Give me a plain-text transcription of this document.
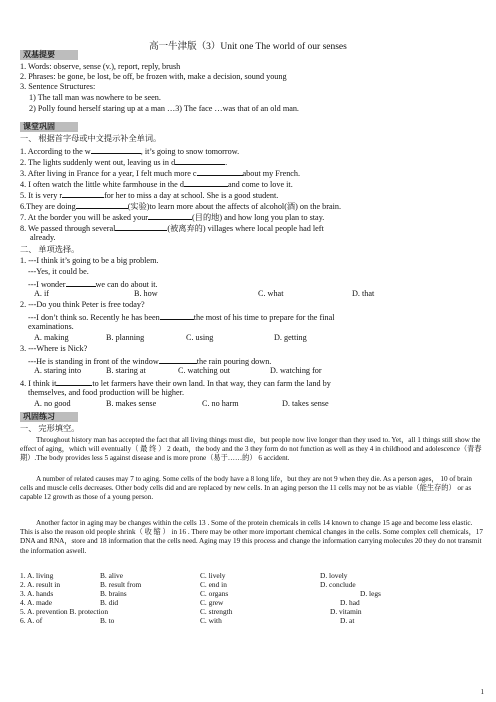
高一牛津版（3）Unit one The world of our senses
双基提要
1. Words: observe, sense (v.), report, reply, brush
2. Phrases: be gone, be lost, be off, be frozen with, make a decision, sound young
3. Sentence Structures:
1) The tall man was nowhere to be seen.
2) Polly found herself staring up at a man …3) The face …was that of an old man.
课堂巩固
一、 根据首字母或中文提示补全单词。
1. According to the w	, it’s going to snow tomorrow.
2. The lights suddenly went out, leaving us in d	.
3. After living in France for a year, I felt much more c	about my French.
4. I often watch the little white farmhouse in the d	and come to love it.
5. It is very r	for her to miss a day at school. She is a good student.
6.They are doing	(实验)to learn more about the affects of alcohol(酒) on the brain.
7. At the border you will be asked your	(目的地) and how long you plan to stay.
8. We passed through several	(被离弃的) villages where local people had left
already.
二、 单项选择。
1. ---I think it’s going to be a big problem.
---Yes, it could be.
---I wonder	we can do about it.
A. if	B. how	C. what	D. that
2. ---Do you think Peter is free today?
---I don’t think so. Recently he has been	the most of his time to prepare for the final
examinations.
A. making	B. planning	C. using	D. getting
3. ---Where is Nick?
---He is standing in front of the window	the rain pouring down.
A. staring into	B. staring at	C. watching out	D. watching for
4. I think it	to let farmers have their own land. In that way, they can farm the land by
themselves, and food production will be higher.
A. no good	B. makes sense	C. no harm	D. takes sense
巩固练习
一、 完形填空。
Throughout history man has accepted the fact that all living things must die，but people now live longer than they used to. Yet，all 1 things still show the effect of aging，which will eventually（ 最 终 ） 2 death，the body and the 3 they form do not function as well as they 4 in childhood and adolescence（青春期）.The body provides less 5 against disease and is more prone（易于……的） 6 accident.
A number of related causes may 7 to aging. Some cells of the body have a 8 long life，but they are not 9 when they die. As a person ages， 10 of brain cells and muscle cells decreases. Other body cells did and are replaced by new cells. In an aging person the 11 cells may not be as viable（能生存的） or as capable 12 growth as those of a young person.
Another factor in aging may be changes within the cells 13 . Some of the protein chemicals in cells 14 known to change 15 age and become less elastic. This is also the reason old people shrink（ 收 缩 ） in 16 . There may be other more important chemical changes in the cells. Some complex cell chemicals，17 DNA and RNA，store and 18 information that the cells need. Aging may 19 this process and change the information carrying molecules 20 they do not transmit the information aswell.
1. A. living	B. alive	C. lively	D. lovely
2. A. result in	B. result from	C. end in	D. conclude
3. A. hands	B. brains	C. organs	D. legs
4. A. made	B. did	C. grew	D. had
5. A. prevention B. protection	C. strength	D. vitamin
6. A. of	B. to	C. with	D. at
1
